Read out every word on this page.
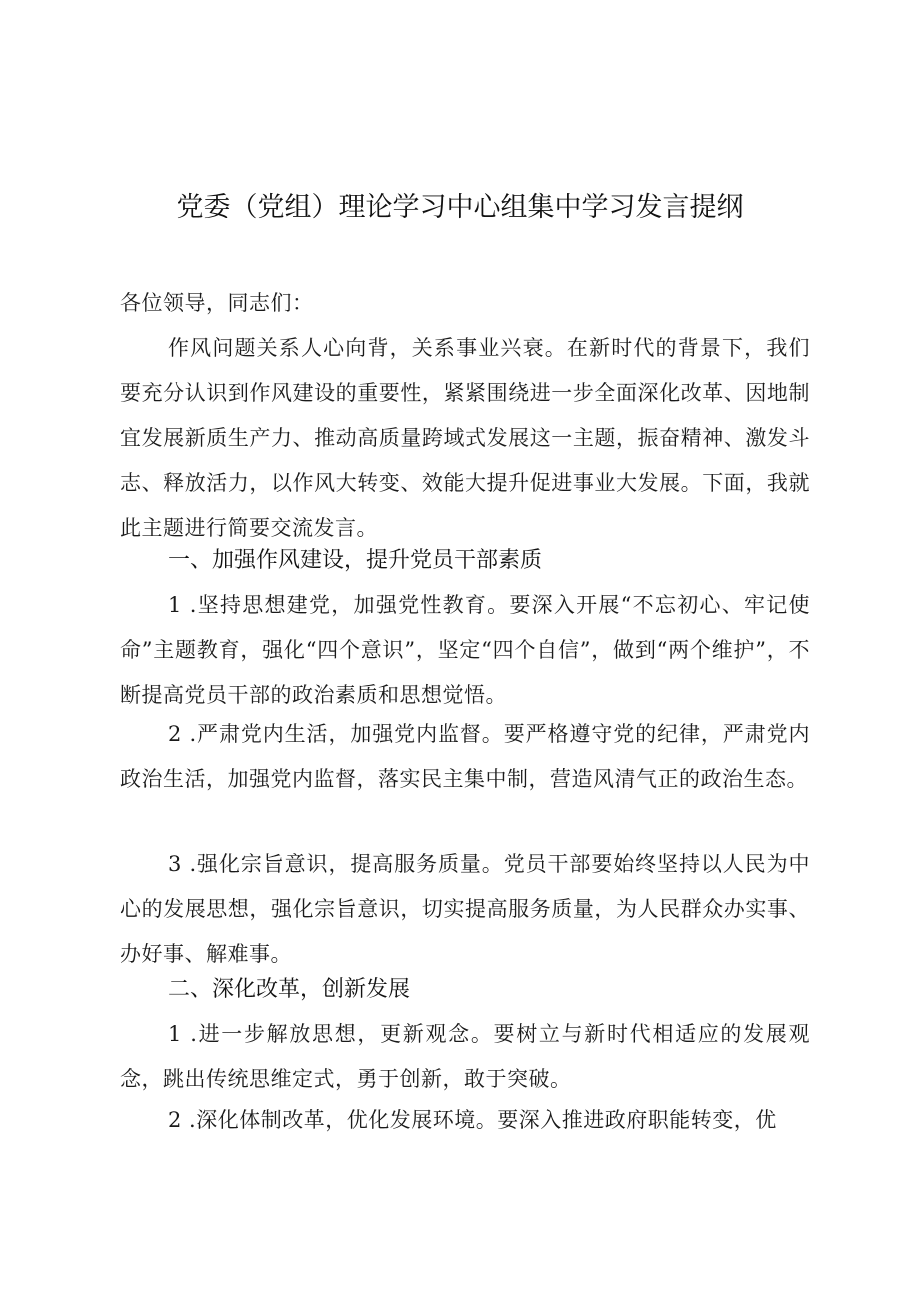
党委（党组）理论学习中心组集中学习发言提纲

各位领导，同志们：

作风问题关系人心向背，关系事业兴衰。在新时代的背景下，我们要充分认识到作风建设的重要性，紧紧围绕进一步全面深化改革、因地制宜发展新质生产力、推动高质量跨域式发展这一主题，振奋精神、激发斗志、释放活力，以作风大转变、效能大提升促进事业大发展。下面，我就此主题进行简要交流发言。

一、加强作风建设，提升党员干部素质

1 .坚持思想建党，加强党性教育。要深入开展“不忘初心、牢记使命”主题教育，强化“四个意识”，坚定“四个自信”，做到“两个维护”，不断提高党员干部的政治素质和思想觉悟。

2 .严肃党内生活，加强党内监督。要严格遵守党的纪律，严肃党内政治生活，加强党内监督，落实民主集中制，营造风清气正的政治生态。

3 .强化宗旨意识，提高服务质量。党员干部要始终坚持以人民为中心的发展思想，强化宗旨意识，切实提高服务质量，为人民群众办实事、办好事、解难事。

二、深化改革，创新发展

1 .进一步解放思想，更新观念。要树立与新时代相适应的发展观念，跳出传统思维定式，勇于创新，敢于突破。

2 .深化体制改革，优化发展环境。要深入推进政府职能转变，优
